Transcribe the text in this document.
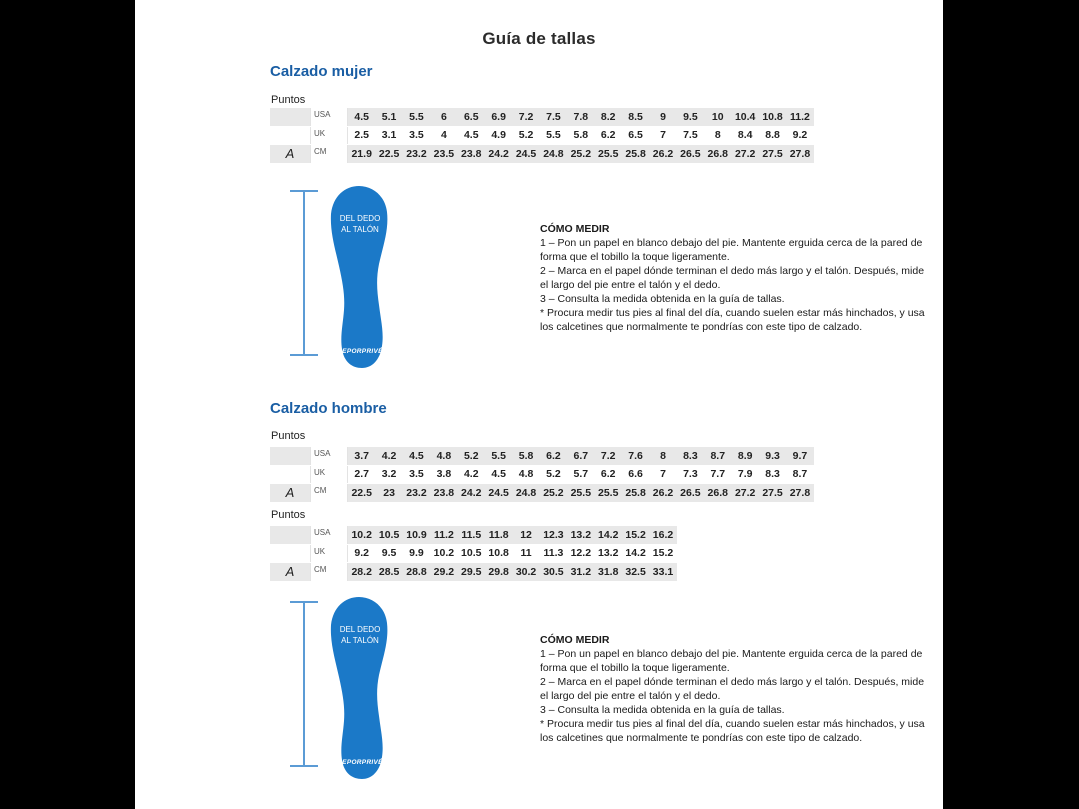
Guía de tallas
Calzado mujer
Puntos
USA	4.5	5.1	5.5	6	6.5	6.9	7.2	7.5	7.8	8.2	8.5	9	9.5	10	10.4 10.8 11.2
UK	2.5	3.1	3.5	4	4.5	4.9	5.2	5.5	5.8	6.2	6.5	7	7.5	8	8.4	8.8	9.2
A	CM	21.9 22.5 23.2 23.5 23.8 24.2 24.5 24.8 25.2 25.5 25.8 26.2 26.5 26.8 27.2 27.5 27.8
DEL DEDO
AL TALÓN
DEPORPRIVÉ

CÓMO MEDIR

1 – Pon un papel en blanco debajo del pie. Mantente erguida cerca de la pared de forma que el tobillo la toque ligeramente.

2 – Marca en el papel dónde terminan el dedo más largo y el talón. Después, mide el largo del pie entre el talón y el dedo.

3 – Consulta la medida obtenida en la guía de tallas.

* Procura medir tus pies al final del día, cuando suelen estar más hinchados, y usa los calcetines que normalmente te pondrías con este tipo de calzado.

Calzado hombre
Puntos
USA	3.7	4.2	4.5	4.8	5.2	5.5	5.8	6.2	6.7	7.2	7.6	8	8.3	8.7	8.9	9.3	9.7
UK	2.7	3.2	3.5	3.8	4.2	4.5	4.8	5.2	5.7	6.2	6.6	7	7.3	7.7	7.9	8.3	8.7
A	CM	22.5	23	23.2 23.8 24.2 24.5 24.8 25.2 25.5 25.5 25.8 26.2 26.5 26.8 27.2 27.5 27.8
Puntos
USA	10.2 10.5 10.9 11.2 11.5 11.8	12	12.3 13.2 14.2 15.2 16.2
UK	9.2	9.5	9.9 10.2 10.5 10.8	11	11.3 12.2 13.2 14.2 15.2
A	CM	28.2 28.5 28.8 29.2 29.5 29.8 30.2 30.5 31.2 31.8 32.5 33.1
DEL DEDO
AL TALÓN
DEPORPRIVÉ

CÓMO MEDIR

1 – Pon un papel en blanco debajo del pie. Mantente erguida cerca de la pared de forma que el tobillo la toque ligeramente.

2 – Marca en el papel dónde terminan el dedo más largo y el talón. Después, mide el largo del pie entre el talón y el dedo.

3 – Consulta la medida obtenida en la guía de tallas.

* Procura medir tus pies al final del día, cuando suelen estar más hinchados, y usa los calcetines que normalmente te pondrías con este tipo de calzado.
